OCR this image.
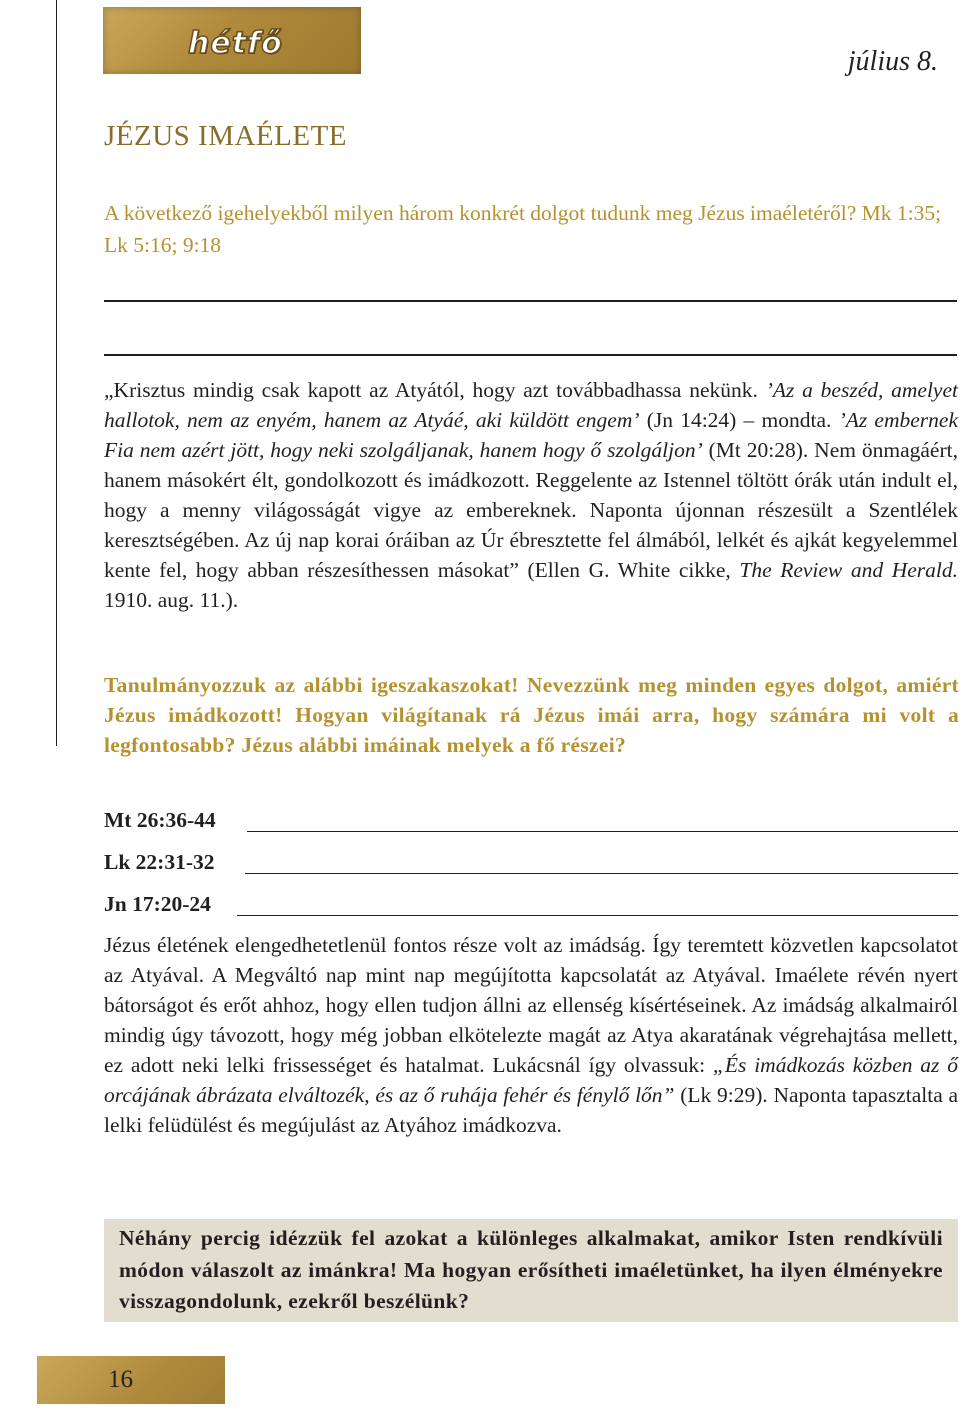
hétfő
július 8.
JÉZUS IMAÉLETE
A következő igehelyekből milyen három konkrét dolgot tudunk meg Jézus imaéletéről? Mk 1:35; Lk 5:16; 9:18
„Krisztus mindig csak kapott az Atyától, hogy azt továbbadhassa nekünk. ’Az a beszéd, amelyet hallotok, nem az enyém, hanem az Atyáé, aki küldött engem’ (Jn 14:24) – mondta. ’Az embernek Fia nem azért jött, hogy neki szolgáljanak, hanem hogy ő szolgáljon’ (Mt 20:28). Nem önmagáért, hanem másokért élt, gondolkozott és imádkozott. Reggelente az Istennel töltött órák után indult el, hogy a menny világosságát vigye az embereknek. Naponta újonnan részesült a Szentlélek keresztségében. Az új nap korai óráiban az Úr ébresztette fel álmából, lelkét és ajkát kegyelemmel kente fel, hogy abban részesíthessen másokat” (Ellen G. White cikke, The Review and Herald. 1910. aug. 11.).
Tanulmányozzuk az alábbi igeszakaszokat! Nevezzünk meg minden egyes dolgot, amiért Jézus imádkozott! Hogyan világítanak rá Jézus imái arra, hogy számára mi volt a legfontosabb? Jézus alábbi imáinak melyek a fő részei?
Mt 26:36-44
Lk 22:31-32
Jn 17:20-24
Jézus életének elengedhetetlenül fontos része volt az imádság. Így teremtett közvetlen kapcsolatot az Atyával. A Megváltó nap mint nap megújította kapcsolatát az Atyával. Imaélete révén nyert bátorságot és erőt ahhoz, hogy ellen tudjon állni az ellenség kísértéseinek. Az imádság alkalmairól mindig úgy távozott, hogy még jobban elkötelezte magát az Atya akaratának végrehajtása mellett, ez adott neki lelki frissességet és hatalmat. Lukácsnál így olvassuk: „És imádkozás közben az ő orcájának ábrázata elváltozék, és az ő ruhája fehér és fénylő lőn” (Lk 9:29). Naponta tapasztalta a lelki felüdülést és megújulást az Atyához imádkozva.
Néhány percig idézzük fel azokat a különleges alkalmakat, amikor Isten rendkívüli módon válaszolt az imánkra! Ma hogyan erősítheti imaéletünket, ha ilyen élményekre visszagondolunk, ezekről beszélünk?
16
